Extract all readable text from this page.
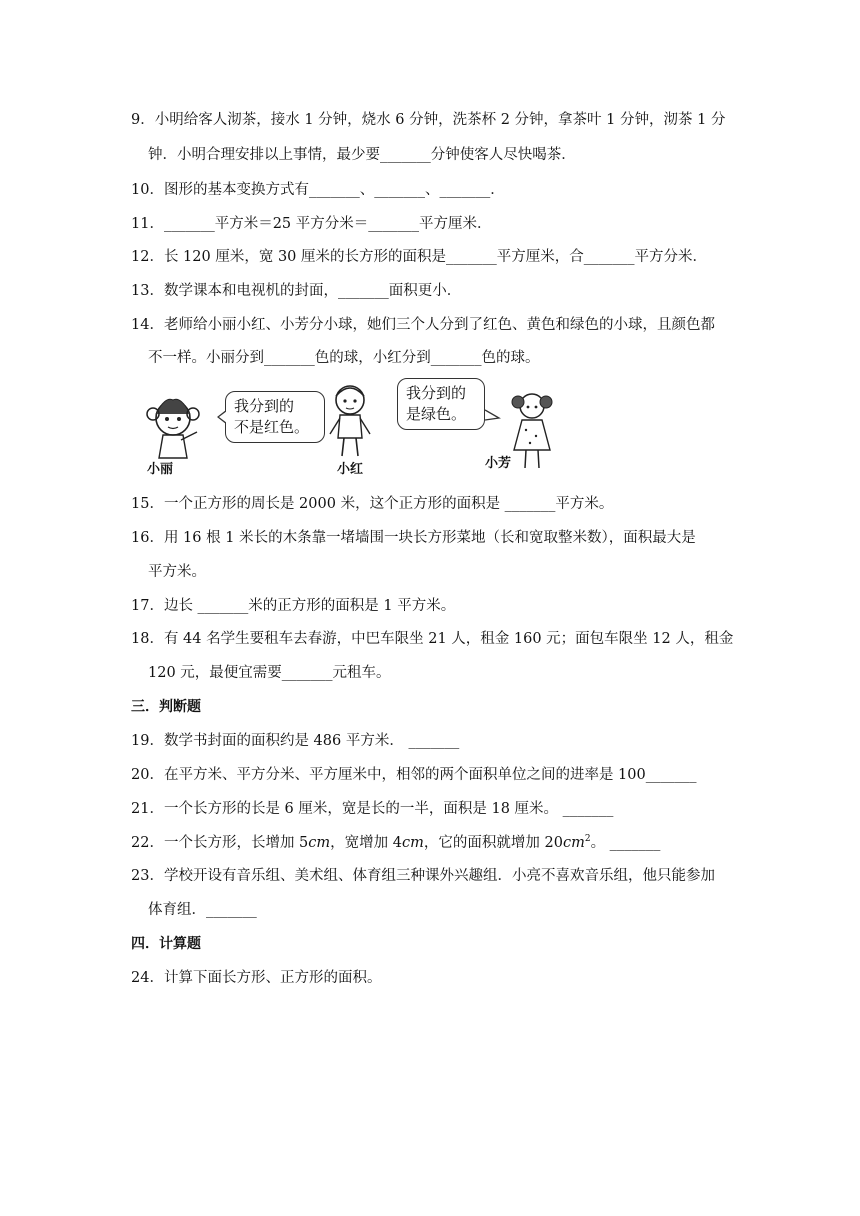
9．小明给客人沏茶，接水 1 分钟，烧水 6 分钟，洗茶杯 2 分钟，拿茶叶 1 分钟，沏茶 1 分
钟．小明合理安排以上事情，最少要_______分钟使客人尽快喝茶．
10．图形的基本变换方式有_______、_______、_______．
11．_______平方米＝25 平方分米＝_______平方厘米．
12．长 120 厘米，宽 30 厘米的长方形的面积是_______平方厘米，合_______平方分米．
13．数学课本和电视机的封面，_______面积更小．
14．老师给小丽小红、小芳分小球，她们三个人分到了红色、黄色和绿色的小球，且颜色都
不一样。小丽分到_______色的球，小红分到_______色的球。
我分到的
不是红色。
小丽	小红
我分到的
是绿色。
小芳
15．一个正方形的周长是 2000 米，这个正方形的面积是 _______平方米。
16．用 16 根 1 米长的木条靠一堵墙围一块长方形菜地（长和宽取整米数），面积最大是
平方米。
17．边长 _______米的正方形的面积是 1 平方米。
18．有 44 名学生要租车去春游，中巴车限坐 21 人，租金 160 元；面包车限坐 12 人，租金
120 元，最便宜需要_______元租车。
三．判断题
19．数学书封面的面积约是 486 平方米． _______
20．在平方米、平方分米、平方厘米中，相邻的两个面积单位之间的进率是 100_______
21．一个长方形的长是 6 厘米，宽是长的一半，面积是 18 厘米。 _______
22．一个长方形，长增加 5cm，宽增加 4cm，它的面积就增加 $20cm^2$。 _______
23．学校开设有音乐组、美术组、体育组三种课外兴趣组．小亮不喜欢音乐组，他只能参加
体育组．_______
四．计算题
24．计算下面长方形、正方形的面积。
